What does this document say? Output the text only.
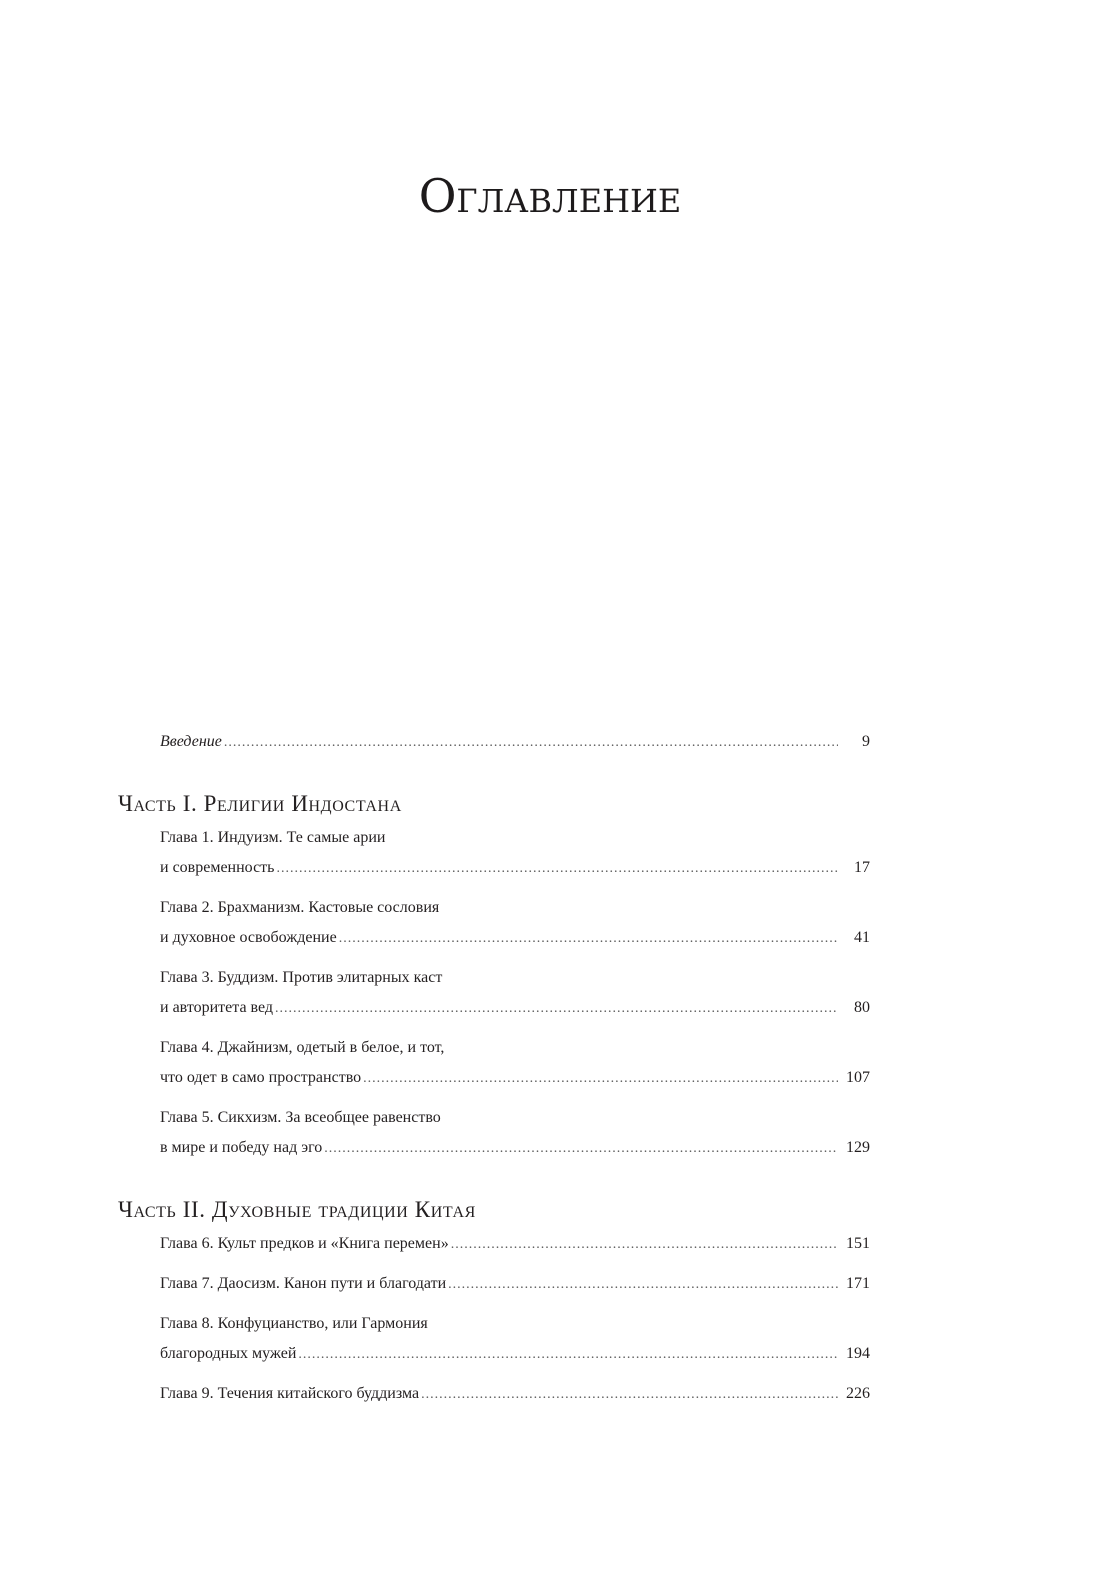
Оглавление
Введение .....	9
Часть I. Религии Индостана
Глава 1. Индуизм. Те самые арии
и современность .....	17
Глава 2. Брахманизм. Кастовые сословия
и духовное освобождение .....	41
Глава 3. Буддизм. Против элитарных каст
и авторитета вед .....	80
Глава 4. Джайнизм, одетый в белое, и тот,
что одет в само пространство .....	107
Глава 5. Сикхизм. За всеобщее равенство
в мире и победу над эго .....	129
Часть II. Духовные традиции Китая
Глава 6. Культ предков и «Книга перемен» .....	151
Глава 7. Даосизм. Канон пути и благодати .....	171
Глава 8. Конфуцианство, или Гармония
благородных мужей .....	194
Глава 9. Течения китайского буддизма .....	226
